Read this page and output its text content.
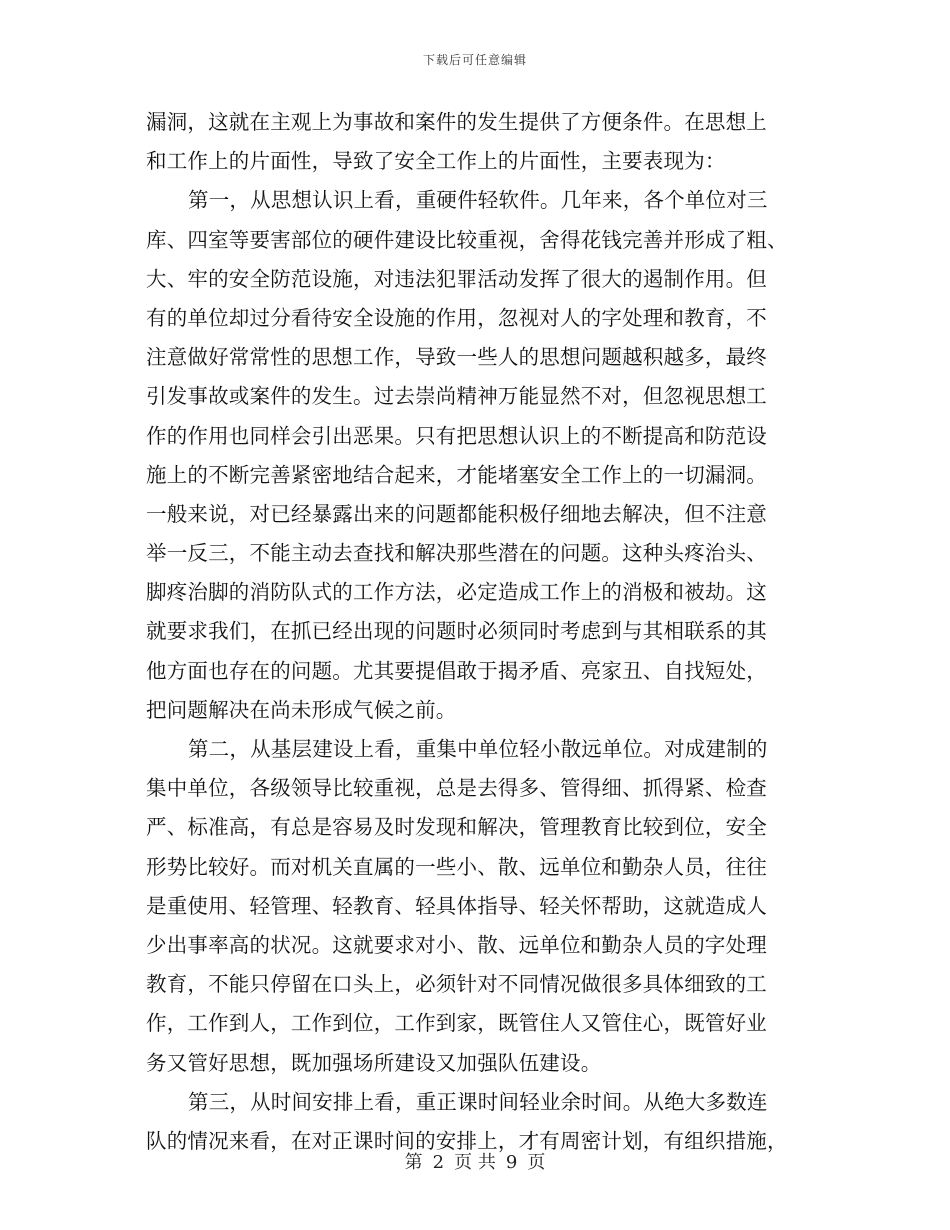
下载后可任意编辑
漏洞，这就在主观上为事故和案件的发生提供了方便条件。在思想上
和工作上的片面性，导致了安全工作上的片面性，主要表现为：
第一，从思想认识上看，重硬件轻软件。几年来，各个单位对三
库、四室等要害部位的硬件建设比较重视，舍得花钱完善并形成了粗、
大、牢的安全防范设施，对违法犯罪活动发挥了很大的遏制作用。但
有的单位却过分看待安全设施的作用，忽视对人的字处理和教育，不
注意做好常常性的思想工作，导致一些人的思想问题越积越多，最终
引发事故或案件的发生。过去崇尚精神万能显然不对，但忽视思想工
作的作用也同样会引出恶果。只有把思想认识上的不断提高和防范设
施上的不断完善紧密地结合起来，才能堵塞安全工作上的一切漏洞。
一般来说，对已经暴露出来的问题都能积极仔细地去解决，但不注意
举一反三，不能主动去查找和解决那些潜在的问题。这种头疼治头、
脚疼治脚的消防队式的工作方法，必定造成工作上的消极和被劫。这
就要求我们，在抓已经出现的问题时必须同时考虑到与其相联系的其
他方面也存在的问题。尤其要提倡敢于揭矛盾、亮家丑、自找短处，
把问题解决在尚未形成气候之前。
第二，从基层建设上看，重集中单位轻小散远单位。对成建制的
集中单位，各级领导比较重视，总是去得多、管得细、抓得紧、检查
严、标准高，有总是容易及时发现和解决，管理教育比较到位，安全
形势比较好。而对机关直属的一些小、散、远单位和勤杂人员，往往
是重使用、轻管理、轻教育、轻具体指导、轻关怀帮助，这就造成人
少出事率高的状况。这就要求对小、散、远单位和勤杂人员的字处理
教育，不能只停留在口头上，必须针对不同情况做很多具体细致的工
作，工作到人，工作到位，工作到家，既管住人又管住心，既管好业
务又管好思想，既加强场所建设又加强队伍建设。
第三，从时间安排上看，重正课时间轻业余时间。从绝大多数连
队的情况来看，在对正课时间的安排上，才有周密计划，有组织措施，
第 2 页 共 9 页
